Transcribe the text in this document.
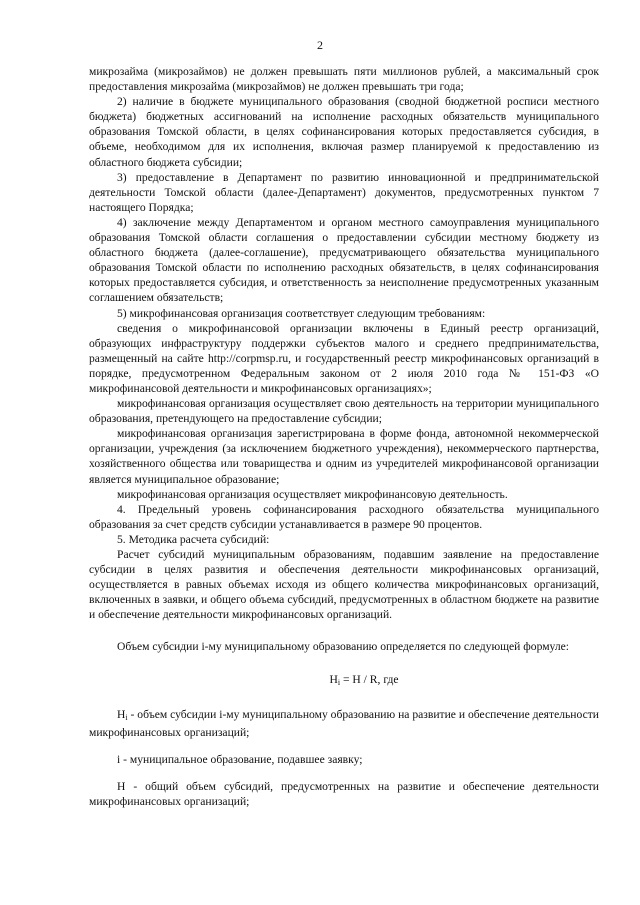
2

микрозайма (микрозаймов) не должен превышать пяти миллионов рублей, а максимальный срок предоставления микрозайма (микрозаймов) не должен превышать три года;

2) наличие в бюджете муниципального образования (сводной бюджетной росписи местного бюджета) бюджетных ассигнований на исполнение расходных обязательств муниципального образования Томской области, в целях софинансирования которых предоставляется субсидия, в объеме, необходимом для их исполнения, включая размер планируемой к предоставлению из областного бюджета субсидии;

3) предоставление в Департамент по развитию инновационной и предпринимательской деятельности Томской области (далее-Департамент) документов, предусмотренных пунктом 7 настоящего Порядка;

4) заключение между Департаментом и органом местного самоуправления муниципального образования Томской области соглашения о предоставлении субсидии местному бюджету из областного бюджета (далее-соглашение), предусматривающего обязательства муниципального образования Томской области по исполнению расходных обязательств, в целях софинансирования которых предоставляется субсидия, и ответственность за неисполнение предусмотренных указанным соглашением обязательств;

5) микрофинансовая организация соответствует следующим требованиям:

сведения о микрофинансовой организации включены в Единый реестр организаций, образующих инфраструктуру поддержки субъектов малого и среднего предпринимательства, размещенный на сайте http://corpmsp.ru, и государственный реестр микрофинансовых организаций в порядке, предусмотренном Федеральным законом от 2 июля 2010 года № 151-ФЗ «О микрофинансовой деятельности и микрофинансовых организациях»;

микрофинансовая организация осуществляет свою деятельность на территории муниципального образования, претендующего на предоставление субсидии;

микрофинансовая организация зарегистрирована в форме фонда, автономной некоммерческой организации, учреждения (за исключением бюджетного учреждения), некоммерческого партнерства, хозяйственного общества или товарищества и одним из учредителей микрофинансовой организации является муниципальное образование;

микрофинансовая организация осуществляет микрофинансовую деятельность.

4. Предельный уровень софинансирования расходного обязательства муниципального образования за счет средств субсидии устанавливается в размере 90 процентов.

5. Методика расчета субсидий:

Расчет субсидий муниципальным образованиям, подавшим заявление на предоставление субсидии в целях развития и обеспечения деятельности микрофинансовых организаций, осуществляется в равных объемах исходя из общего количества микрофинансовых организаций, включенных в заявки, и общего объема субсидий, предусмотренных в областном бюджете на развитие и обеспечение деятельности микрофинансовых организаций.

Объем субсидии i-му муниципальному образованию определяется по следующей формуле:

$Н_i = Н / R$, где

$Н_i$ - объем субсидии i-му муниципальному образованию на развитие и обеспечение деятельности микрофинансовых организаций;

i - муниципальное образование, подавшее заявку;

Н - общий объем субсидий, предусмотренных на развитие и обеспечение деятельности микрофинансовых организаций;
